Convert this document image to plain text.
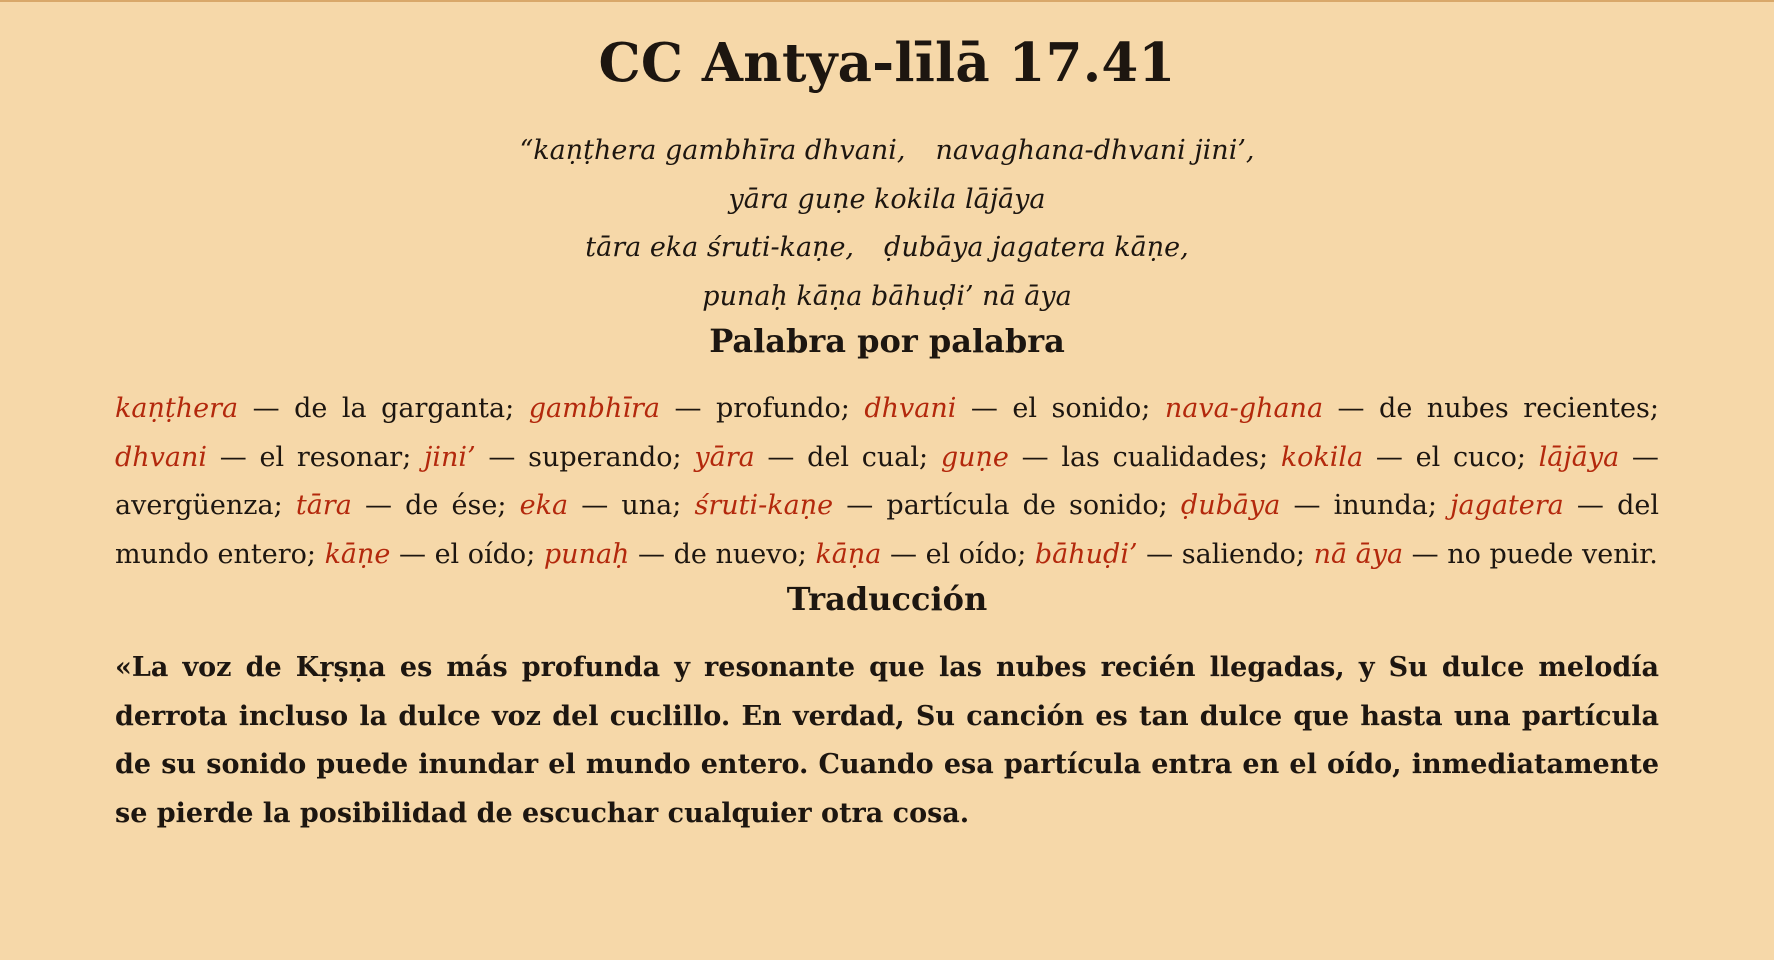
CC Antya-līlā 17.41
“kaṇṭhera gambhīra dhvani, navaghana-dhvani jini’,
yāra guṇe kokila lājāya
tāra eka śruti-kaṇe, ḍubāya jagatera kāṇe,
punaḥ kāṇa bāhuḍi’ nā āya
Palabra por palabra
kaṇṭhera — de la garganta; gambhīra — profundo; dhvani — el sonido; nava-ghana — de nubes recientes; dhvani — el resonar; jini’ — superando; yāra — del cual; guṇe — las cualidades; kokila — el cuco; lājāya — avergüenza; tāra — de ése; eka — una; śruti-kaṇe — partícula de sonido; ḍubāya — inunda; jagatera — del mundo entero; kāṇe — el oído; punaḥ — de nuevo; kāṇa — el oído; bāhuḍi’ — saliendo; nā āya — no puede venir.
Traducción
«La voz de Kṛṣṇa es más profunda y resonante que las nubes recién llegadas, y Su dulce melodía derrota incluso la dulce voz del cuclillo. En verdad, Su canción es tan dulce que hasta una partícula de su sonido puede inundar el mundo entero. Cuando esa partícula entra en el oído, inmediatamente se pierde la posibilidad de escuchar cualquier otra cosa.
